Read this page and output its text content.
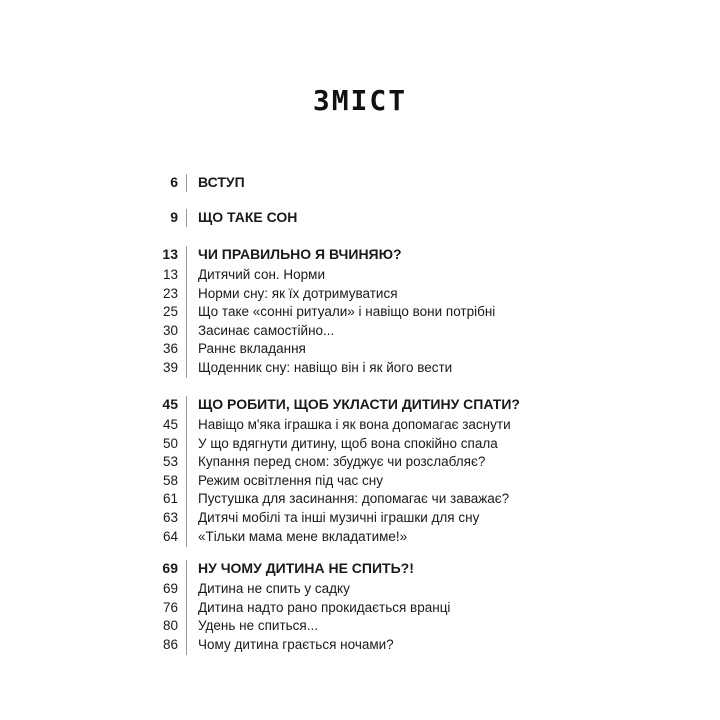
ЗМІСТ
6 ВСТУП
9 ЩО ТАКЕ СОН
13 ЧИ ПРАВИЛЬНО Я ВЧИНЯЮ?
13 Дитячий сон. Норми
23 Норми сну: як їх дотримуватися
25 Що таке «сонні ритуали» і навіщо вони потрібні
30 Засинає самостійно...
36 Раннє вкладання
39 Щоденник сну: навіщо він і як його вести
45 ЩО РОБИТИ, ЩОБ УКЛАСТИ ДИТИНУ СПАТИ?
45 Навіщо м'яка іграшка і як вона допомагає заснути
50 У що вдягнути дитину, щоб вона спокійно спала
53 Купання перед сном: збуджує чи розслабляє?
58 Режим освітлення під час сну
61 Пустушка для засинання: допомагає чи заважає?
63 Дитячі мобілі та інші музичні іграшки для сну
64 «Тільки мама мене вкладатиме!»
69 НУ ЧОМУ ДИТИНА НЕ СПИТЬ?!
69 Дитина не спить у садку
76 Дитина надто рано прокидається вранці
80 Удень не спиться...
86 Чому дитина грається ночами?
